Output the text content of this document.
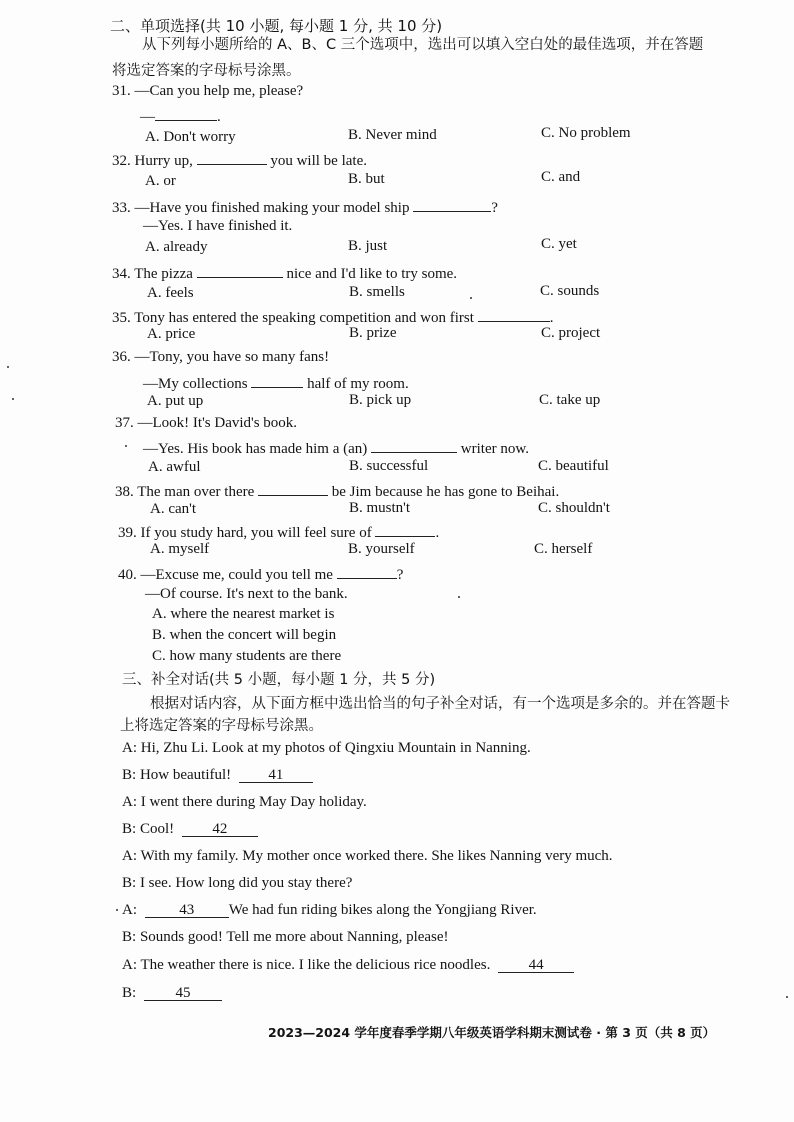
二、单项选择(共 10 小题, 每小题 1 分, 共 10 分)
从下列每小题所给的 A、B、C 三个选项中，选出可以填入空白处的最佳选项，并在答题
将选定答案的字母标号涂黑。
31. —Can you help me, please?
—	.
A. Don't worry	B. Never mind	C. No problem
32. Hurry up,	you will be late.
A. or	B. but	C. and
33. —Have you finished making your model ship	?
—Yes. I have finished it.
A. already	B. just	C. yet
34. The pizza	nice and I'd like to try some.
A. feels	B. smells	C. sounds
35. Tony has entered the speaking competition and won first	.
A. price	B. prize	C. project
36. —Tony, you have so many fans!
—My collections	half of my room.
A. put up	B. pick up	C. take up
37. —Look! It's David's book.
—Yes. His book has made him a (an)	writer now.
A. awful	B. successful	C. beautiful
38. The man over there	be Jim because he has gone to Beihai.
A. can't	B. mustn't	C. shouldn't
39. If you study hard, you will feel sure of	.
A. myself	B. yourself	C. herself
40. —Excuse me, could you tell me	?
—Of course. It's next to the bank.
A. where the nearest market is
B. when the concert will begin
C. how many students are there
三、补全对话(共 5 小题，每小题 1 分，共 5 分)
根据对话内容，从下面方框中选出恰当的句子补全对话，有一个选项是多余的。并在答题卡
上将选定答案的字母标号涂黑。
A: Hi, Zhu Li. Look at my photos of Qingxiu Mountain in Nanning.
B: How beautiful! 41
A: I went there during May Day holiday.
B: Cool!	42
A: With my family. My mother once worked there. She likes Nanning very much.
B: I see. How long did you stay there?
A:	43 We had fun riding bikes along the Yongjiang River.
B: Sounds good! Tell me more about Nanning, please!
A: The weather there is nice. I like the delicious rice noodles.	44
B:	45
2023—2024 学年度春季学期八年级英语学科期末测试卷 · 第 3 页（共 8 页）
